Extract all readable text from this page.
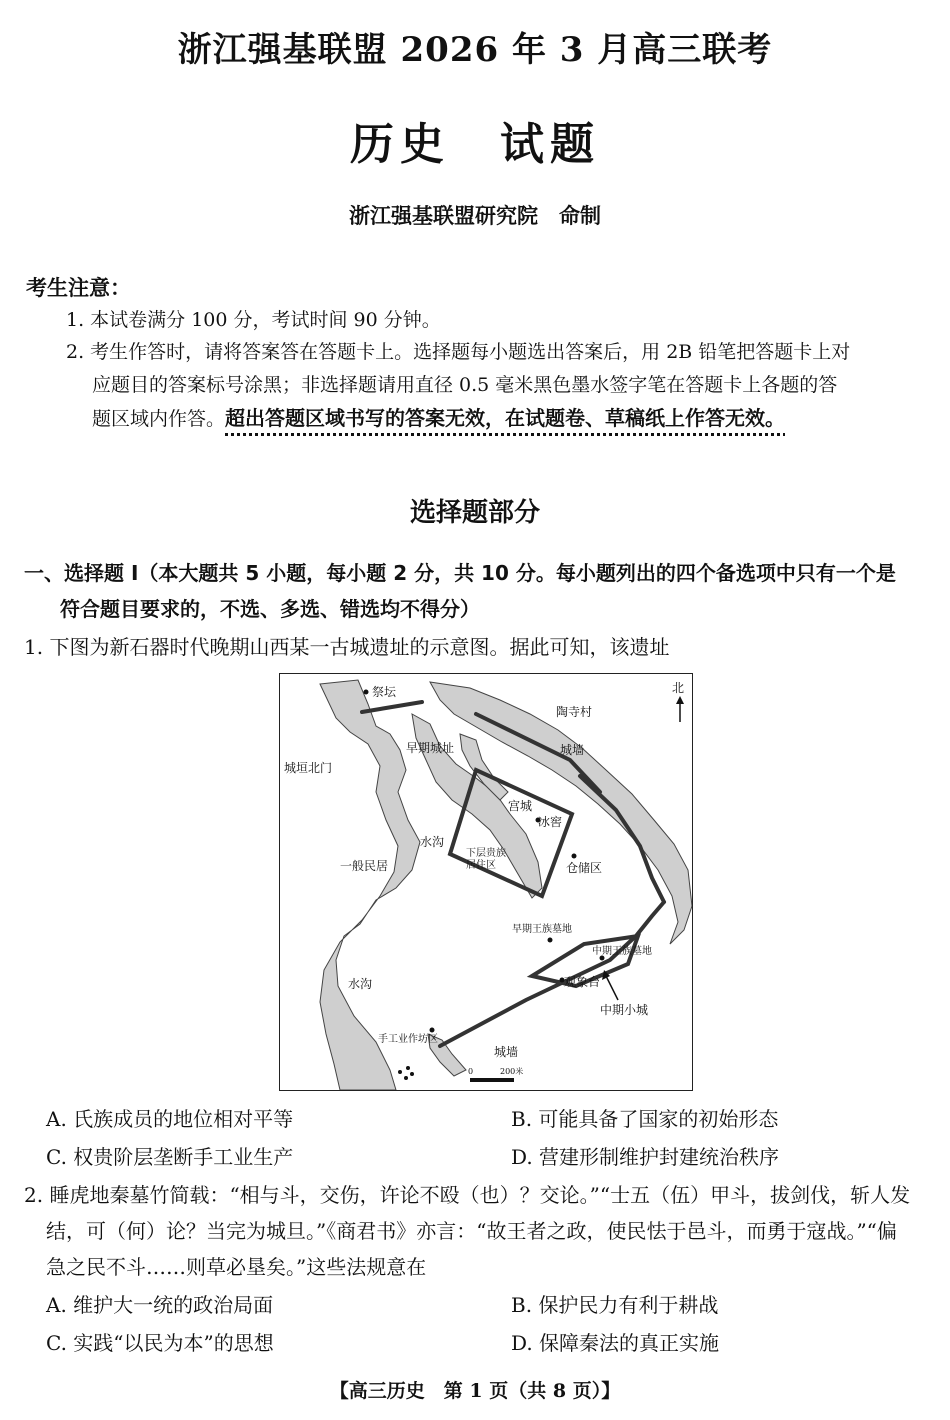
浙江强基联盟 2026 年 3 月高三联考
历史　试题
浙江强基联盟研究院　命制
考生注意：
1. 本试卷满分 100 分，考试时间 90 分钟。
2. 考生作答时，请将答案答在答题卡上。选择题每小题选出答案后，用 2B 铅笔把答题卡上对
应题目的答案标号涂黑；非选择题请用直径 0.5 毫米黑色墨水签字笔在答题卡上各题的答
题区域内作答。超出答题区域书写的答案无效，在试题卷、草稿纸上作答无效。
选择题部分
一、选择题 Ⅰ（本大题共 5 小题，每小题 2 分，共 10 分。每小题列出的四个备选项中只有一个是
符合题目要求的，不选、多选、错选均不得分）
1. 下图为新石器时代晚期山西某一古城遗址的示意图。据此可知，该遗址
祭坛	北
陶寺村
早期城址
城垣北门
城墙
宫城
冰窖
水沟
下层贵族
居住区
一般民居	仓储区
早期王族墓地
中期王族墓地
观象台
水沟
中期小城
手工业作坊区
城墙
0	200米
A. 氏族成员的地位相对平等	B. 可能具备了国家的初始形态
C. 权贵阶层垄断手工业生产	D. 营建形制维护封建统治秩序
2. 睡虎地秦墓竹简载：“相与斗，交伤，许论不殴（也）？交论。”“士五（伍）甲斗，拔剑伐，斩人发
结，可（何）论？当完为城旦。”《商君书》亦言：“故王者之政，使民怯于邑斗，而勇于寇战。”“偏
急之民不斗……则草必垦矣。”这些法规意在
A. 维护大一统的政治局面	B. 保护民力有利于耕战
C. 实践“以民为本”的思想	D. 保障秦法的真正实施
【高三历史　第 1 页（共 8 页）】
